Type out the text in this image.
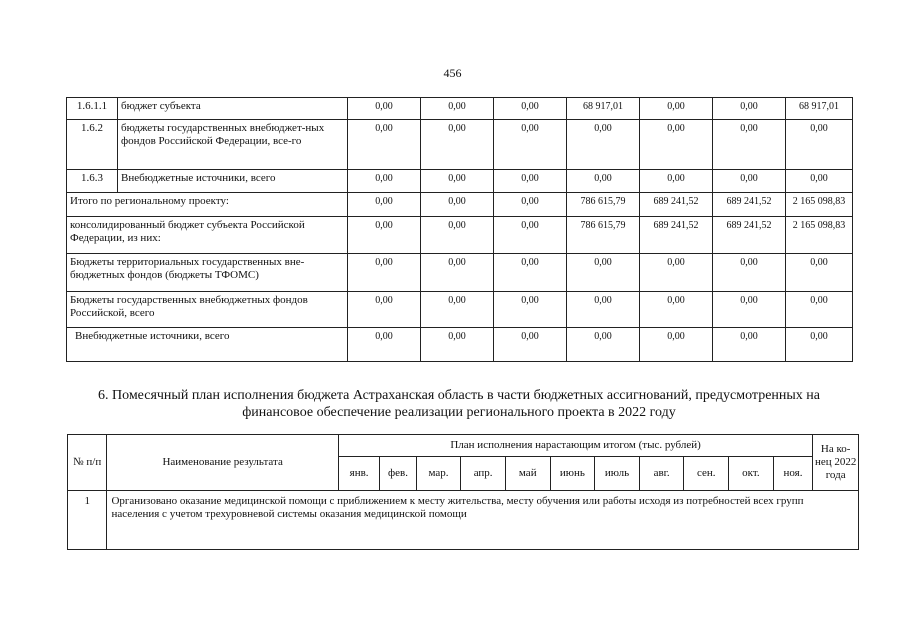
456
1.6.1.1	бюджет субъекта	0,00	0,00	0,00	68 917,01	0,00	0,00	68 917,01
1.6.2	бюджеты государственных внебюджет-ных фондов Российской Федерации, все-го	0,00	0,00	0,00	0,00	0,00	0,00	0,00
1.6.3	Внебюджетные источники, всего	0,00	0,00	0,00	0,00	0,00	0,00	0,00
Итого по региональному проекту:		0,00	0,00	0,00	786 615,79	689 241,52	689 241,52	2 165 098,83
консолидированный бюджет субъекта Российской Федерации, из них:		0,00	0,00	0,00	786 615,79	689 241,52	689 241,52	2 165 098,83
Бюджеты территориальных государственных вне-бюджетных фондов (бюджеты ТФОМС)		0,00	0,00	0,00	0,00	0,00	0,00	0,00
Бюджеты государственных внебюджетных фондов Российской, всего		0,00	0,00	0,00	0,00	0,00	0,00	0,00
Внебюджетные источники, всего		0,00	0,00	0,00	0,00	0,00	0,00	0,00
6. Помесячный план исполнения бюджета Астраханская область в части бюджетных ассигнований, предусмотренных на финансовое обеспечение реализации регионального проекта в 2022 году
№ п/п	Наименование результата	План исполнения нарастающим итогом (тыс. рублей)											На ко-нец 2022 года
		янв.	фев.	мар.	апр.	май	июнь	июль	авг.	сен.	окт.	ноя.	
1	Организовано оказание медицинской помощи с приближением к месту жительства, месту обучения или работы исходя из потребностей всех групп населения с учетом трехуровневой системы оказания медицинской помощи												
